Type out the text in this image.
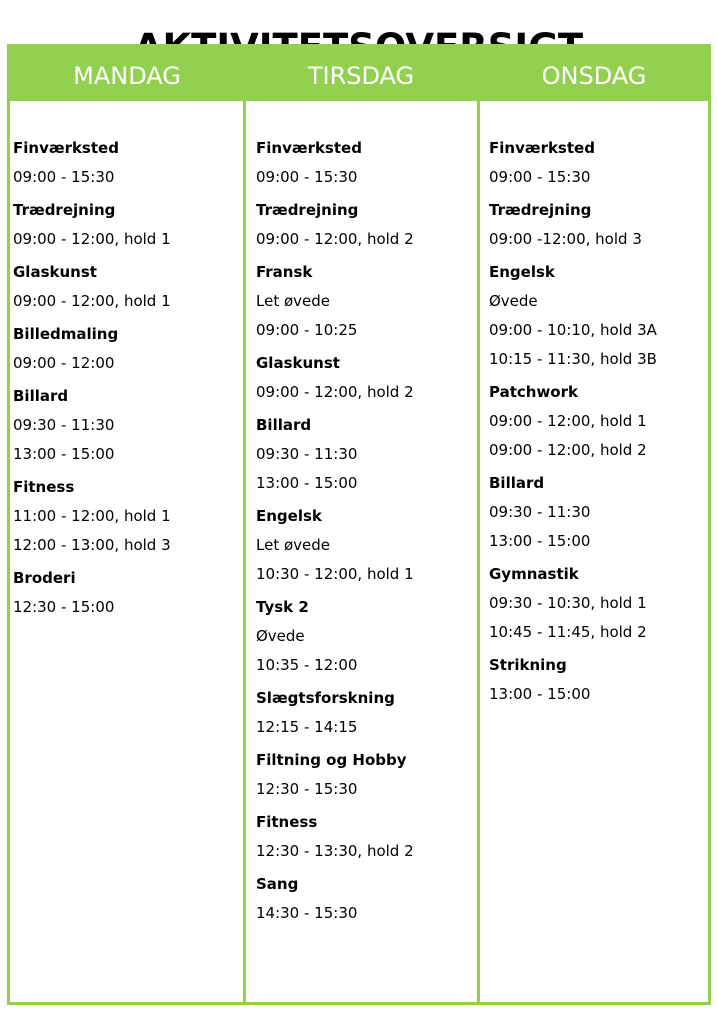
MANDAG	TIRSDAG	ONSDAG
Finværksted
09:00 - 15:30
Trædrejning
09:00 - 12:00, hold 1
Glaskunst
09:00 - 12:00, hold 1
Billedmaling
09:00 - 12:00
Billard
09:30 - 11:30
13:00 - 15:00
Fitness
11:00 - 12:00, hold 1
12:00 - 13:00, hold 3
Broderi
12:30 - 15:00
Finværksted
09:00 - 15:30
Trædrejning
09:00 - 12:00, hold 2
Fransk
Let øvede
09:00 - 10:25
Glaskunst
09:00 - 12:00, hold 2
Billard
09:30 - 11:30
13:00 - 15:00
Engelsk
Let øvede
10:30 - 12:00, hold 1
Tysk 2
Øvede
10:35 - 12:00
Slægtsforskning
12:15 - 14:15
Filtning og Hobby
12:30 - 15:30
Fitness
12:30 - 13:30, hold 2
Sang
14:30 - 15:30
Finværksted
09:00 - 15:30
Trædrejning
09:00 -12:00, hold 3
Engelsk
Øvede
09:00 - 10:10, hold 3A
10:15 - 11:30, hold 3B
Patchwork
09:00 - 12:00, hold 1
09:00 - 12:00, hold 2
Billard
09:30 - 11:30
13:00 - 15:00
Gymnastik
09:30 - 10:30, hold 1
10:45 - 11:45, hold 2
Strikning
13:00 - 15:00
